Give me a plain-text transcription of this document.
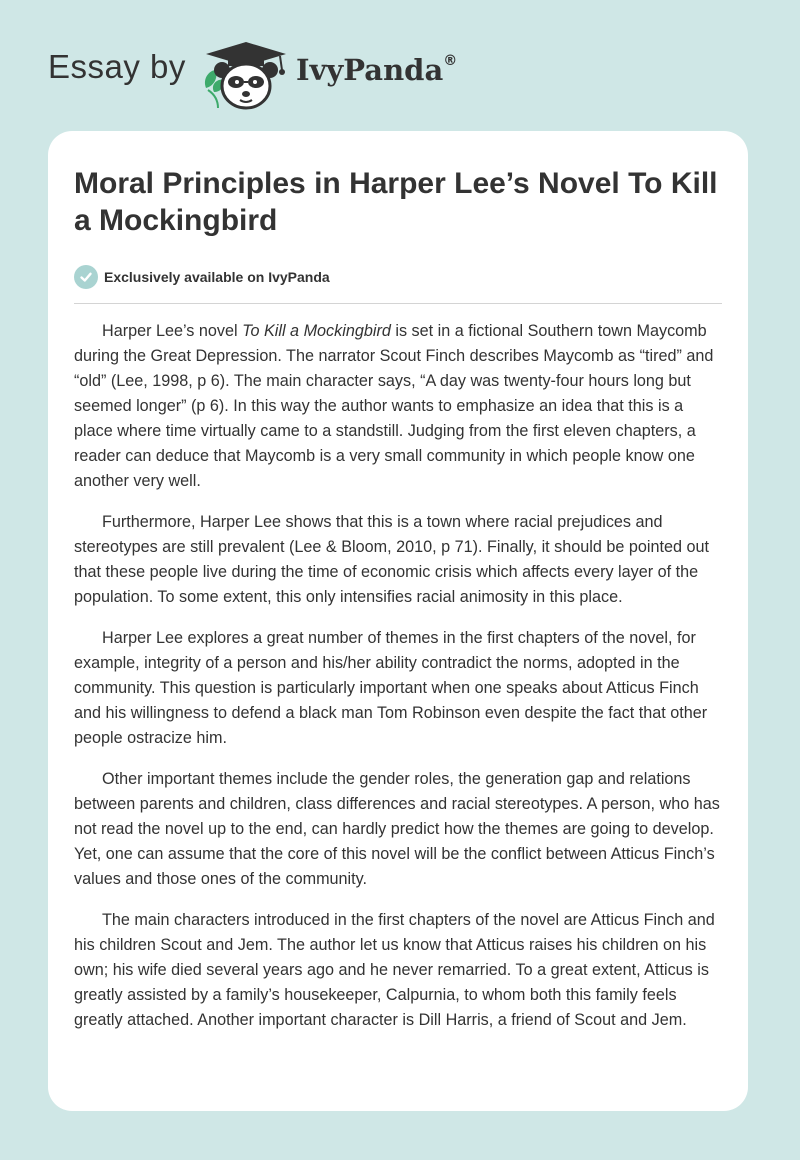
Essay by	IvyPanda®
Moral Principles in Harper Lee’s Novel To Kill a Mockingbird
Exclusively available on IvyPanda

Harper Lee’s novel To Kill a Mockingbird is set in a fictional Southern town Maycomb during the Great Depression. The narrator Scout Finch describes Maycomb as “tired” and “old” (Lee, 1998, p 6). The main character says, “A day was twenty-four hours long but seemed longer” (p 6). In this way the author wants to emphasize an idea that this is a place where time virtually came to a standstill. Judging from the first eleven chapters, a reader can deduce that Maycomb is a very small community in which people know one another very well.

Furthermore, Harper Lee shows that this is a town where racial prejudices and stereotypes are still prevalent (Lee & Bloom, 2010, p 71). Finally, it should be pointed out that these people live during the time of economic crisis which affects every layer of the population. To some extent, this only intensifies racial animosity in this place.

Harper Lee explores a great number of themes in the first chapters of the novel, for example, integrity of a person and his/her ability contradict the norms, adopted in the community. This question is particularly important when one speaks about Atticus Finch and his willingness to defend a black man Tom Robinson even despite the fact that other people ostracize him.

Other important themes include the gender roles, the generation gap and relations between parents and children, class differences and racial stereotypes. A person, who has not read the novel up to the end, can hardly predict how the themes are going to develop. Yet, one can assume that the core of this novel will be the conflict between Atticus Finch’s values and those ones of the community.

The main characters introduced in the first chapters of the novel are Atticus Finch and his children Scout and Jem. The author let us know that Atticus raises his children on his own; his wife died several years ago and he never remarried. To a great extent, Atticus is greatly assisted by a family’s housekeeper, Calpurnia, to whom both this family feels greatly attached. Another important character is Dill Harris, a friend of Scout and Jem.
